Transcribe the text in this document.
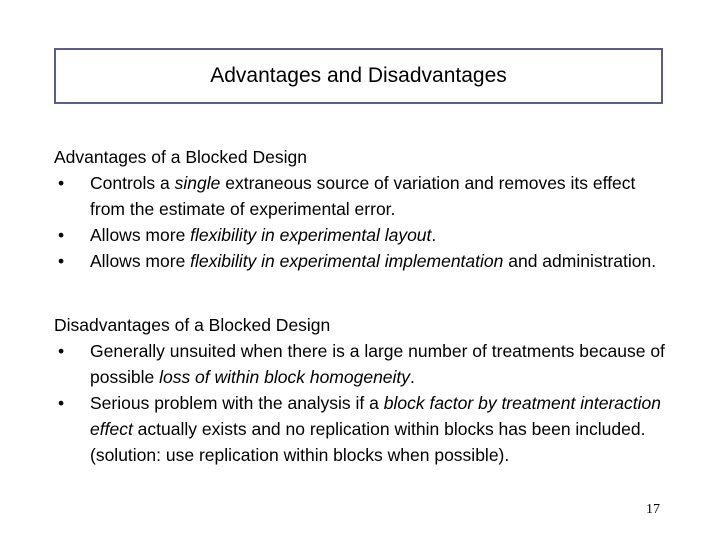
Advantages and Disadvantages
Advantages of a Blocked Design
•	Controls a single extraneous source of variation and removes its effect from the estimate of experimental error.
•	Allows more flexibility in experimental layout.
•	Allows more flexibility in experimental implementation and administration.
Disadvantages of a Blocked Design
•	Generally unsuited when there is a large number of treatments because of possible loss of within block homogeneity.
•	Serious problem with the analysis if a block factor by treatment interaction effect actually exists and no replication within blocks has been included. (solution: use replication within blocks when possible).
17
